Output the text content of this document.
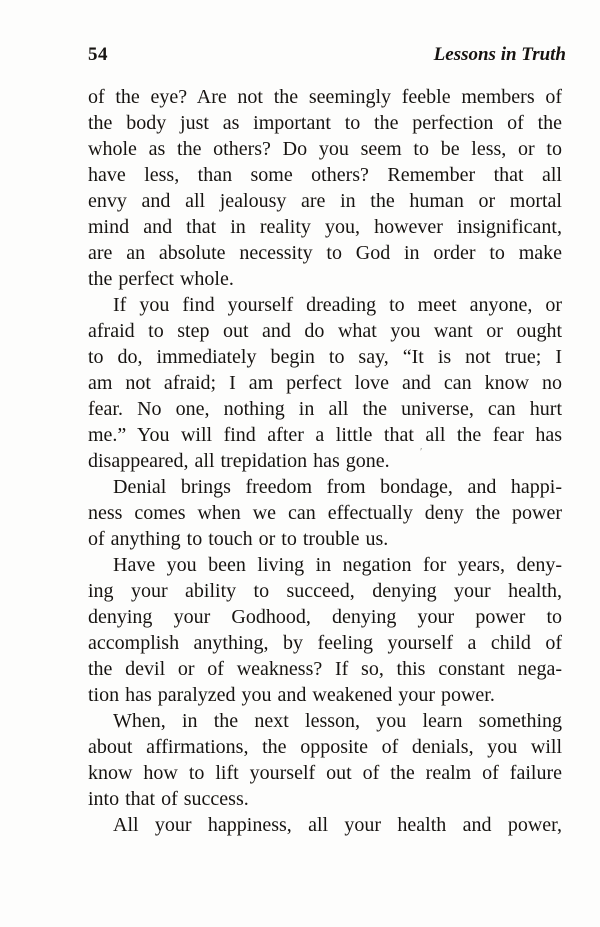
54	Lessons in Truth
of the eye? Are not the seemingly feeble members of
the body just as important to the perfection of the
whole as the others? Do you seem to be less, or to
have less, than some others? Remember that all
envy and all jealousy are in the human or mortal
mind and that in reality you, however insignificant,
are an absolute necessity to God in order to make
the perfect whole.
If you find yourself dreading to meet anyone, or
afraid to step out and do what you want or ought
to do, immediately begin to say, “It is not true; I
am not afraid; I am perfect love and can know no
fear. No one, nothing in all the universe, can hurt
me.” You will find after a little that all the fear has
disappeared, all trepidation has gone.
Denial brings freedom from bondage, and happi-
ness comes when we can effectually deny the power
of anything to touch or to trouble us.
Have you been living in negation for years, deny-
ing your ability to succeed, denying your health,
denying your Godhood, denying your power to
accomplish anything, by feeling yourself a child of
the devil or of weakness? If so, this constant nega-
tion has paralyzed you and weakened your power.
When, in the next lesson, you learn something
about affirmations, the opposite of denials, you will
know how to lift yourself out of the realm of failure
into that of success.
All your happiness, all your health and power,
ʹ
